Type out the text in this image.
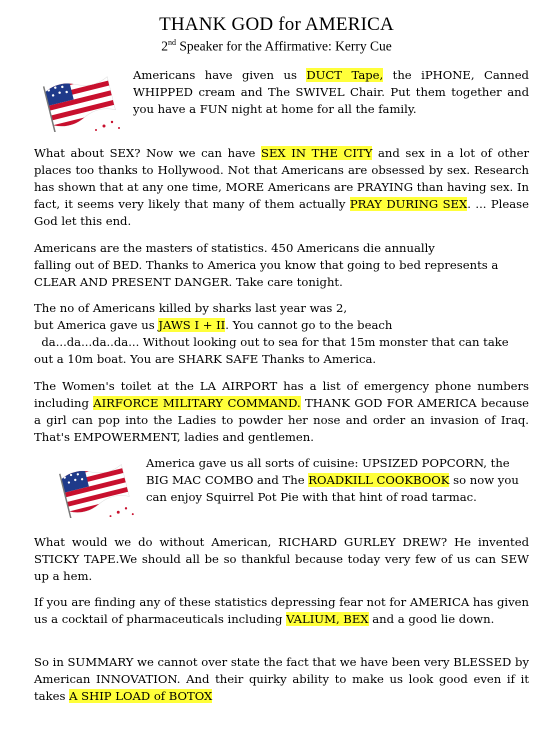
THANK GOD for AMERICA
2nd Speaker for the Affirmative: Kerry Cue

Americans have given us DUCT Tape, the iPHONE, Canned WHIPPED cream and The SWIVEL Chair. Put them together and you have a FUN night at home for all the family.

What about SEX? Now we can have SEX IN THE CITY and sex in a lot of other places too thanks to Hollywood. Not that Americans are obsessed by sex. Research has shown that at any one time, MORE Americans are PRAYING than having sex. In fact, it seems very likely that many of them actually PRAY DURING SEX. ... Please God let this end.

Americans are the masters of statistics. 450 Americans die annually
falling out of BED. Thanks to America you know that going to bed represents a CLEAR AND PRESENT DANGER. Take care tonight.

The no of Americans killed by sharks last year was 2,
but America gave us JAWS I + II. You cannot go to the beach
da...da...da..da... Without looking out to sea for that 15m monster that can take out a 10m boat. You are SHARK SAFE Thanks to America.

The Women's toilet at the LA AIRPORT has a list of emergency phone numbers including AIRFORCE MILITARY COMMAND. THANK GOD FOR AMERICA because a girl can pop into the Ladies to powder her nose and order an invasion of Iraq. That's EMPOWERMENT, ladies and gentlemen.

America gave us all sorts of cuisine: UPSIZED POPCORN, the BIG MAC COMBO and The ROADKILL COOKBOOK so now you can enjoy Squirrel Pot Pie with that hint of road tarmac.

What would we do without American, RICHARD GURLEY DREW? He invented STICKY TAPE.We should all be so thankful because today very few of us can SEW up a hem.

If you are finding any of these statistics depressing fear not for AMERICA has given us a cocktail of pharmaceuticals including VALIUM, BEX and a good lie down.

So in SUMMARY we cannot over state the fact that we have been very BLESSED by American INNOVATION. And their quirky ability to make us look good even if it takes A SHIP LOAD of BOTOX
